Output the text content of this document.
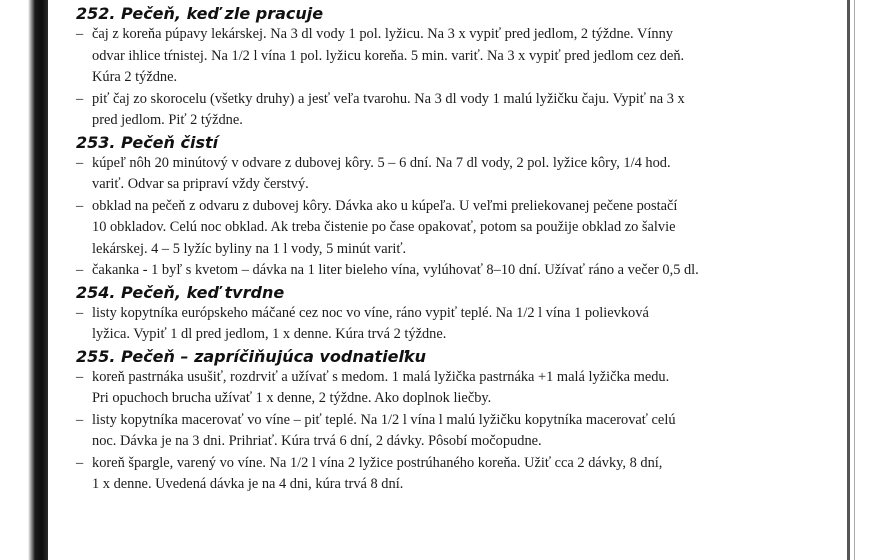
252. Pečeň, keď zle pracuje
– čaj z koreňa púpavy lekárskej. Na 3 dl vody 1 pol. lyžicu. Na 3 x vypiť pred jedlom, 2 týždne. Vínny
odvar ihlice tŕnistej. Na 1/2 l vína 1 pol. lyžicu koreňa. 5 min. variť. Na 3 x vypiť pred jedlom cez deň.
Kúra 2 týždne.
– piť čaj zo skorocelu (všetky druhy) a jesť veľa tvarohu. Na 3 dl vody 1 malú lyžičku čaju. Vypiť na 3 x
pred jedlom. Piť 2 týždne.
253. Pečeň čistí
– kúpeľ nôh 20 minútový v odvare z dubovej kôry. 5 – 6 dní. Na 7 dl vody, 2 pol. lyžice kôry, 1/4 hod.
variť. Odvar sa pripraví vždy čerstvý.
– obklad na pečeň z odvaru z dubovej kôry. Dávka ako u kúpeľa. U veľmi preliekovanej pečene postačí
10 obkladov. Celú noc obklad. Ak treba čistenie po čase opakovať, potom sa použije obklad zo šalvie
lekárskej. 4 – 5 lyžíc byliny na 1 l vody, 5 minút variť.
– čakanka - 1 byľ s kvetom – dávka na 1 liter bieleho vína, vylúhovať 8–10 dní. Užívať ráno a večer 0,5 dl.
254. Pečeň, keď tvrdne
– listy kopytníka európskeho máčané cez noc vo víne, ráno vypiť teplé. Na 1/2 l vína 1 polievková
lyžica. Vypiť 1 dl pred jedlom, 1 x denne. Kúra trvá 2 týždne.
255. Pečeň – zapríčiňujúca vodnatieľku
– koreň pastrnáka usušiť, rozdrviť a užívať s medom. 1 malá lyžička pastrnáka +1 malá lyžička medu.
Pri opuchoch brucha užívať 1 x denne, 2 týždne. Ako doplnok liečby.
– listy kopytníka macerovať vo víne – piť teplé. Na 1/2 l vína l malú lyžičku kopytníka macerovať celú
noc. Dávka je na 3 dni. Prihriať. Kúra trvá 6 dní, 2 dávky. Pôsobí močopudne.
– koreň špargle, varený vo víne. Na 1/2 l vína 2 lyžice postrúhaného koreňa. Užiť cca 2 dávky, 8 dní,
1 x denne. Uvedená dávka je na 4 dni, kúra trvá 8 dní.
